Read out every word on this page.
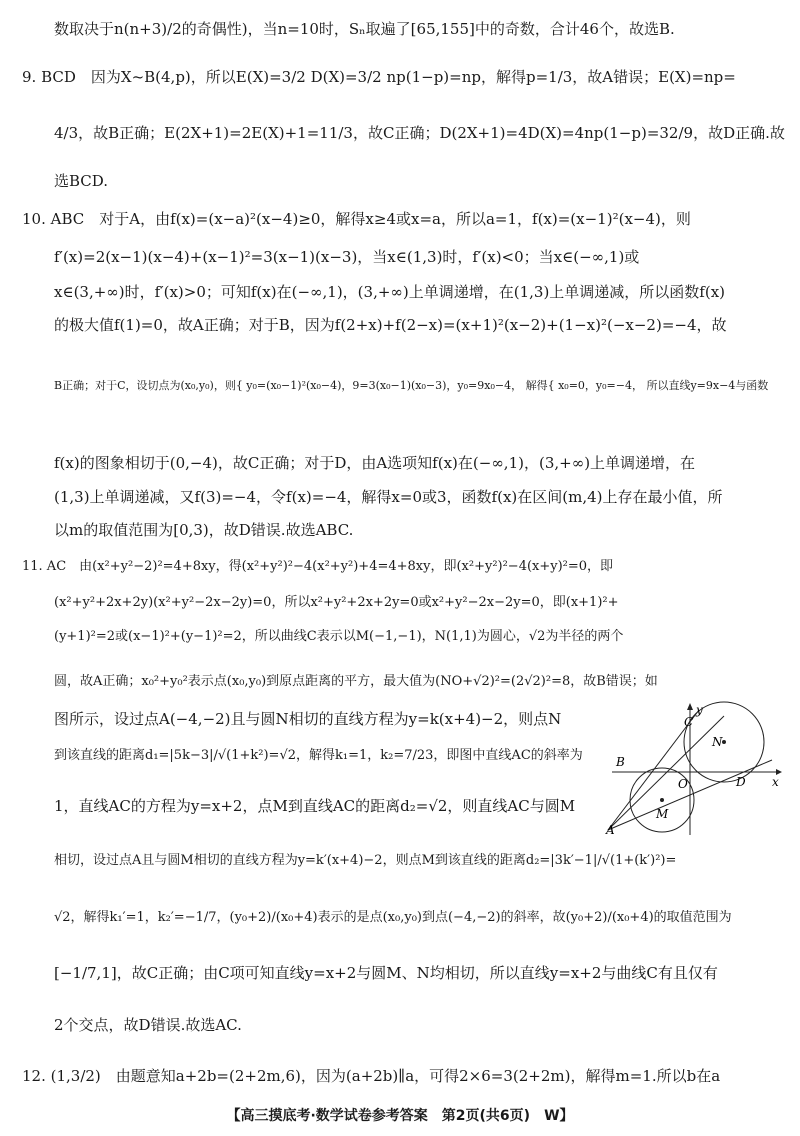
数取决于n(n+3)/2的奇偶性)，当n=10时，Sₙ取遍了[65,155]中的奇数，合计46个，故选B.
9. BCD　因为X~B(4,p)，所以E(X)=3/2 D(X)=3/2 np(1−p)=np，解得p=1/3，故A错误；E(X)=np=
4/3，故B正确；E(2X+1)=2E(X)+1=11/3，故C正确；D(2X+1)=4D(X)=4np(1−p)=32/9，故D正确.故
选BCD.
10. ABC　对于A，由f(x)=(x−a)²(x−4)≥0，解得x≥4或x=a，所以a=1，f(x)=(x−1)²(x−4)，则
f′(x)=2(x−1)(x−4)+(x−1)²=3(x−1)(x−3)，当x∈(1,3)时，f′(x)<0；当x∈(−∞,1)或
x∈(3,+∞)时，f′(x)>0；可知f(x)在(−∞,1)，(3,+∞)上单调递增，在(1,3)上单调递减，所以函数f(x)
的极大值f(1)=0，故A正确；对于B，因为f(2+x)+f(2−x)=(x+1)²(x−2)+(1−x)²(−x−2)=−4，故
B正确；对于C，设切点为(x₀,y₀)，则{ y₀=(x₀−1)²(x₀−4)，9=3(x₀−1)(x₀−3)，y₀=9x₀−4， 解得{ x₀=0，y₀=−4， 所以直线y=9x−4与函数
f(x)的图象相切于(0,−4)，故C正确；对于D，由A选项知f(x)在(−∞,1)，(3,+∞)上单调递增，在
(1,3)上单调递减，又f(3)=−4，令f(x)=−4，解得x=0或3，函数f(x)在区间(m,4)上存在最小值，所
以m的取值范围为[0,3)，故D错误.故选ABC.
11. AC　由(x²+y²−2)²=4+8xy，得(x²+y²)²−4(x²+y²)+4=4+8xy，即(x²+y²)²−4(x+y)²=0，即
(x²+y²+2x+2y)(x²+y²−2x−2y)=0，所以x²+y²+2x+2y=0或x²+y²−2x−2y=0，即(x+1)²+
(y+1)²=2或(x−1)²+(y−1)²=2，所以曲线C表示以M(−1,−1)，N(1,1)为圆心，√2为半径的两个
圆，故A正确；x₀²+y₀²表示点(x₀,y₀)到原点距离的平方，最大值为(NO+√2)²=(2√2)²=8，故B错误；如
图所示，设过点A(−4,−2)且与圆N相切的直线方程为y=k(x+4)−2，则点N
到该直线的距离d₁=|5k−3|/√(1+k²)=√2，解得k₁=1，k₂=7/23，即图中直线AC的斜率为
1，直线AC的方程为y=x+2，点M到直线AC的距离d₂=√2，则直线AC与圆M
相切，设过点A且与圆M相切的直线方程为y=k′(x+4)−2，则点M到该直线的距离d₂=|3k′−1|/√(1+(k′)²)=
√2，解得k₁′=1，k₂′=−1/7，(y₀+2)/(x₀+4)表示的是点(x₀,y₀)到点(−4,−2)的斜率，故(y₀+2)/(x₀+4)的取值范围为
[−1/7,1]，故C正确；由C项可知直线y=x+2与圆M、N均相切，所以直线y=x+2与曲线C有且仅有
2个交点，故D错误.故选AC.
12. (1,3/2)　由题意知a+2b=(2+2m,6)，因为(a+2b)∥a，可得2×6=3(2+2m)，解得m=1.所以b在a
y
x
C
N
B
O	D
M
A
【高三摸底考·数学试卷参考答案　第2页(共6页)　W】
